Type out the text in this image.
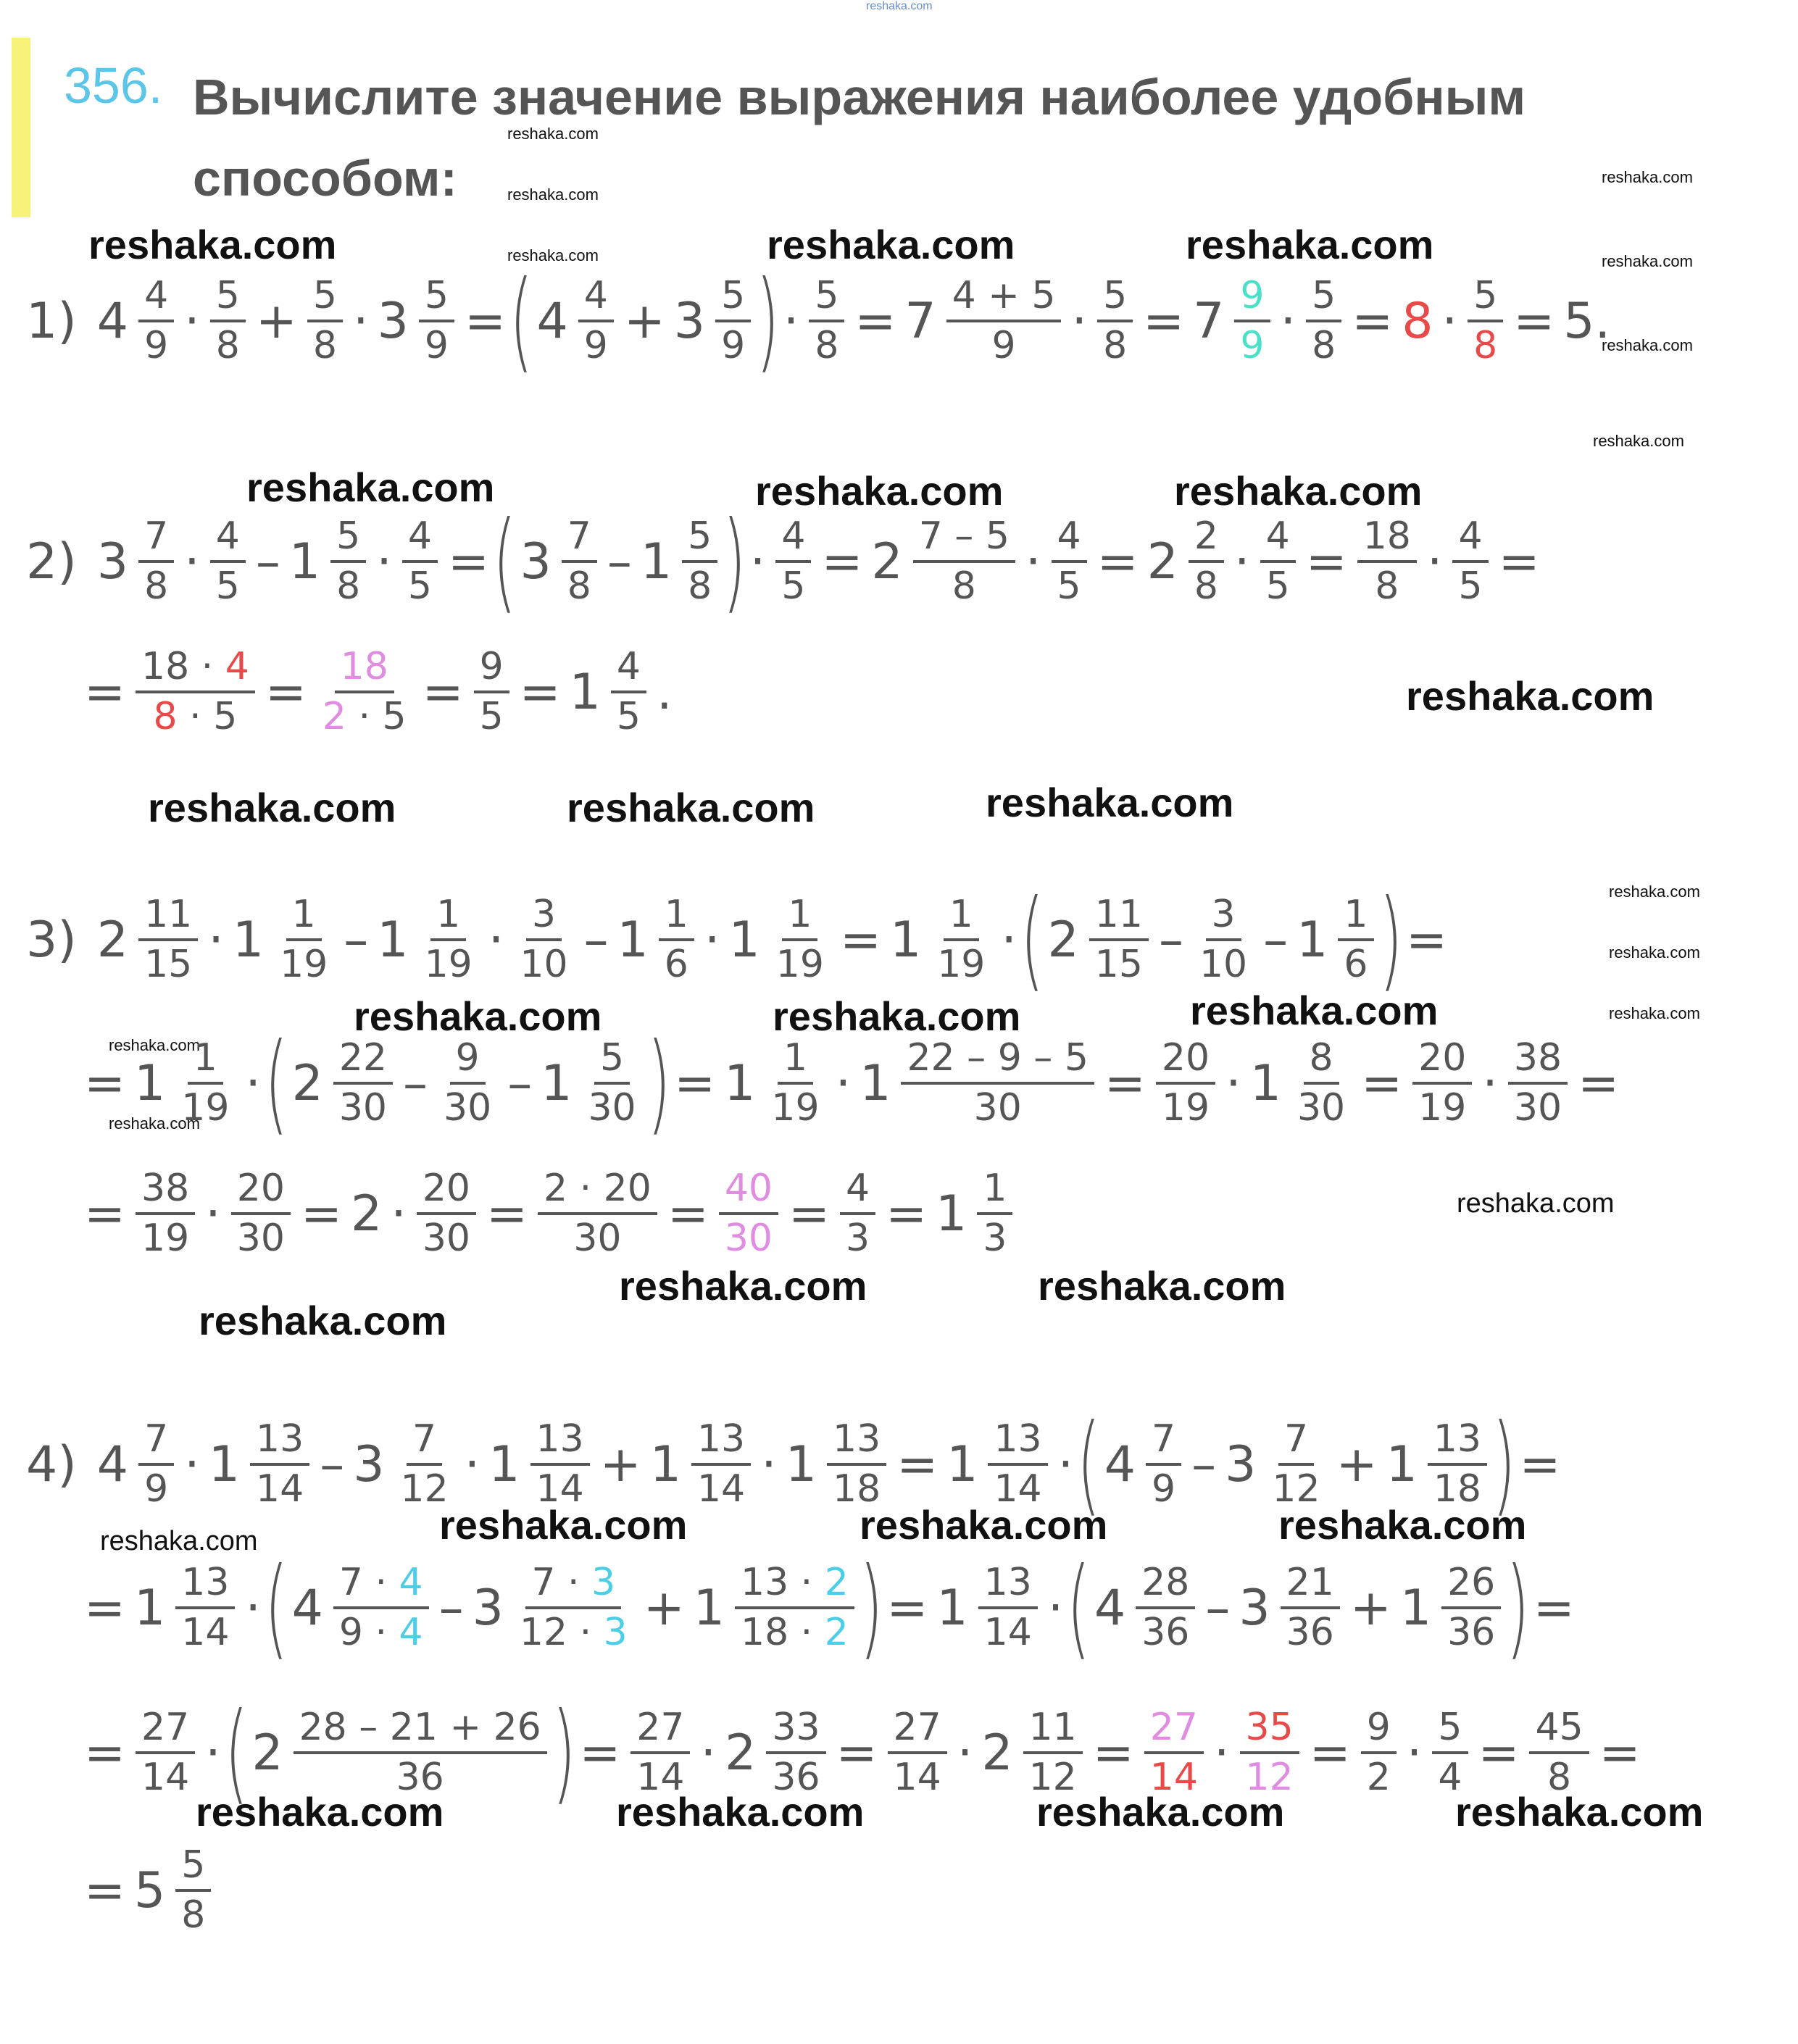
reshaka.com
356. Вычислите значение выражения наиболее удобным способом:
reshaka.com	reshaka.com	reshaka.com
reshaka.com
reshaka.com
reshaka.com
reshaka.com
reshaka.com
reshaka.com
reshaka.com
reshaka.com	reshaka.com	reshaka.com
reshaka.com
reshaka.com	reshaka.com	reshaka.com
reshaka.com
reshaka.com
reshaka.com
reshaka.com	reshaka.com	reshaka.com
reshaka.com
reshaka.com
reshaka.com
reshaka.com	reshaka.com
reshaka.com
reshaka.com	reshaka.com	reshaka.com	reshaka.com
reshaka.com	reshaka.com	reshaka.com	reshaka.com
1) $4 \frac{4}{9} \cdot \frac{5}{8} + \frac{5}{8} \cdot 3 \frac{5}{9}$ = ( $4 \frac{4}{9} + 3 \frac{5}{9}$ ) · $\frac{5}{8} = 7 \frac{4 + 5}{9} \cdot \frac{5}{8} = 7 \frac{9}{9} \cdot \frac{5}{8} = 8 \cdot \frac{5}{8} = 5$.
2) $3 \frac{7}{8} \cdot \frac{4}{5} - 1 \frac{5}{8} \cdot \frac{4}{5}$ = ( $3 \frac{7}{8} - 1 \frac{5}{8}$ ) · $\frac{4}{5} = 2 \frac{7 - 5}{8} \cdot \frac{4}{5} = 2 \frac{2}{8} \cdot \frac{4}{5} = \frac{18}{8} \cdot \frac{4}{5}$ =
= $\frac{18 \cdot 4}{8 \cdot 5} = \frac{18}{2 \cdot 5} = \frac{9}{5} = 1 \frac{4}{5}$ .
3) $2 \frac{11}{15} \cdot 1 \frac{1}{19} - 1 \frac{1}{19} \cdot \frac{3}{10} - 1 \frac{1}{6} \cdot 1 \frac{1}{19} = 1 \frac{1}{19}$ · ( $2 \frac{11}{15} - \frac{3}{10} - 1 \frac{1}{6}$ ) =
= $1 \frac{1}{19}$ · ( $2 \frac{22}{30} - \frac{9}{30} - 1 \frac{5}{30}$ ) = $1 \frac{1}{19} \cdot 1 \frac{22 - 9 - 5}{30} = \frac{20}{19} \cdot 1 \frac{8}{30} = \frac{20}{19} \cdot \frac{38}{30}$ =
= $\frac{38}{19} \cdot \frac{20}{30} = 2 \cdot \frac{20}{30} = \frac{2 \cdot 20}{30} = \frac{40}{30} = \frac{4}{3} = 1 \frac{1}{3}$
4) $4 \frac{7}{9} \cdot 1 \frac{13}{14} - 3 \frac{7}{12} \cdot 1 \frac{13}{14} + 1 \frac{13}{14} \cdot 1 \frac{13}{18} = 1 \frac{13}{14}$ · ( $4 \frac{7}{9} - 3 \frac{7}{12} + 1 \frac{13}{18}$ ) =
= $1 \frac{13}{14}$ · ( $4 \frac{7 \cdot 4}{9 \cdot 4} - 3 \frac{7 \cdot 3}{12 \cdot 3} + 1 \frac{13 \cdot 2}{18 \cdot 2}$ ) = $1 \frac{13}{14}$ · ( $4 \frac{28}{36} - 3 \frac{21}{36} + 1 \frac{26}{36}$ ) =
= $\frac{27}{14}$ · ( $2 \frac{28 - 21 + 26}{36}$ ) = $\frac{27}{14} \cdot 2 \frac{33}{36} = \frac{27}{14} \cdot 2 \frac{11}{12} = \frac{27}{14} \cdot \frac{35}{12} = \frac{9}{2} \cdot \frac{5}{4} = \frac{45}{8}$ =
= $5 \frac{5}{8}$
